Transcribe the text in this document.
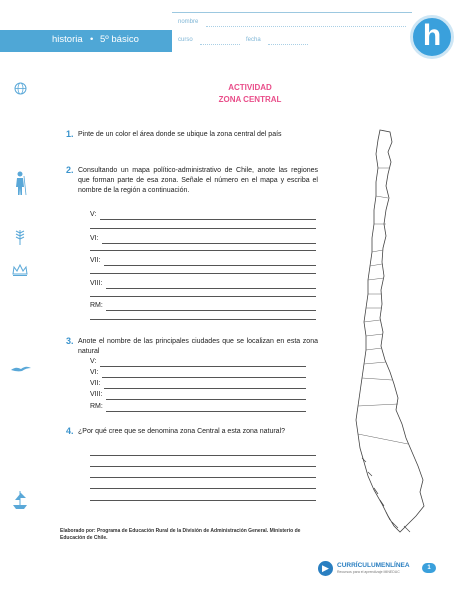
historia • 5º básico
nombre
curso	fecha	h
ACTIVIDAD
ZONA CENTRAL
1. Pinte de un color el área donde se ubique la zona central del país
2. Consultando un mapa político-administrativo de Chile, anote las regiones que forman parte de esa zona. Señale el número en el mapa y escriba el nombre de la región a continuación.
V:
VI:
VII:
VIII:
RM:
3. Anote el nombre de las principales ciudades que se localizan en esta zona natural
V:
VI:
VII:
VIII:
RM:
4. ¿Por qué cree que se denomina zona Central a esta zona natural?
Elaborado por: Programa de Educación Rural de la División de Administración General. Ministerio de Educación de Chile.
▶	CURRÍCULUMENLÍNEA
Recursos para el aprendizaje MINEDUC
1
